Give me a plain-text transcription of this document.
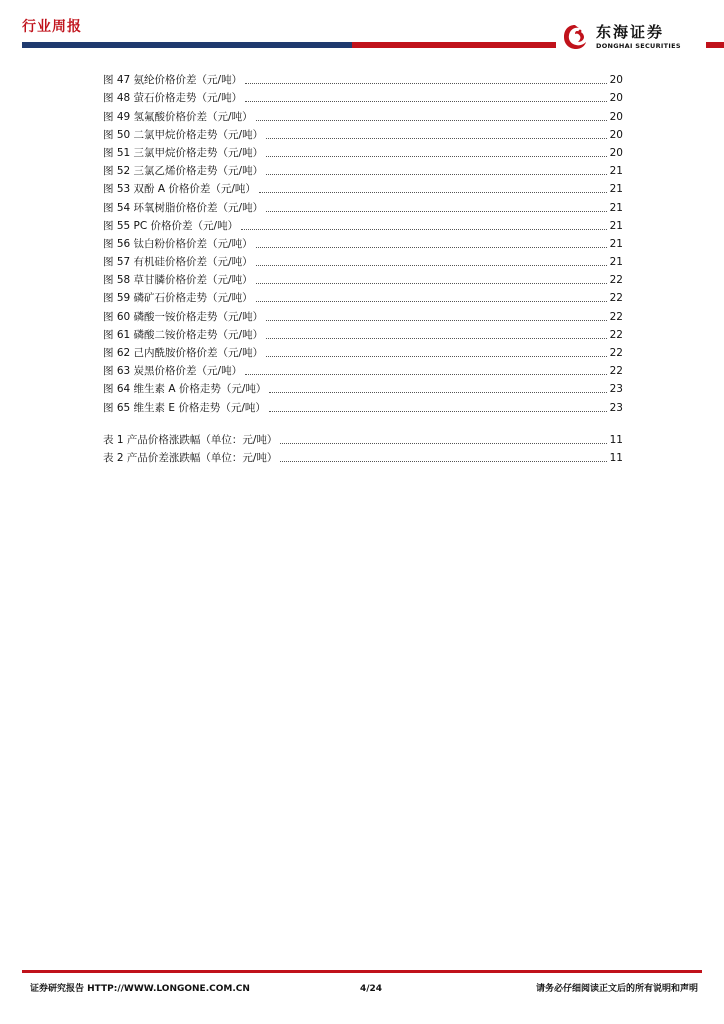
行业周报	东海证券
DONGHAI SECURITIES
图 47 氨纶价格价差（元/吨）	20
图 48 萤石价格走势（元/吨）	20
图 49 氢氟酸价格价差（元/吨）	20
图 50 二氯甲烷价格走势（元/吨）	20
图 51 三氯甲烷价格走势（元/吨）	20
图 52 三氯乙烯价格走势（元/吨）	21
图 53 双酚 A 价格价差（元/吨）	21
图 54 环氧树脂价格价差（元/吨）	21
图 55 PC 价格价差（元/吨）	21
图 56 钛白粉价格价差（元/吨）	21
图 57 有机硅价格价差（元/吨）	21
图 58 草甘膦价格价差（元/吨）	22
图 59 磷矿石价格走势（元/吨）	22
图 60 磷酸一铵价格走势（元/吨）	22
图 61 磷酸二铵价格走势（元/吨）	22
图 62 己内酰胺价格价差（元/吨）	22
图 63 炭黑价格价差（元/吨）	22
图 64 维生素 A 价格走势（元/吨）	23
图 65 维生素 E 价格走势（元/吨）	23
表 1 产品价格涨跌幅（单位：元/吨）	11
表 2 产品价差涨跌幅（单位：元/吨）	11
证券研究报告 HTTP://WWW.LONGONE.COM.CN	4/24	请务必仔细阅读正文后的所有说明和声明
